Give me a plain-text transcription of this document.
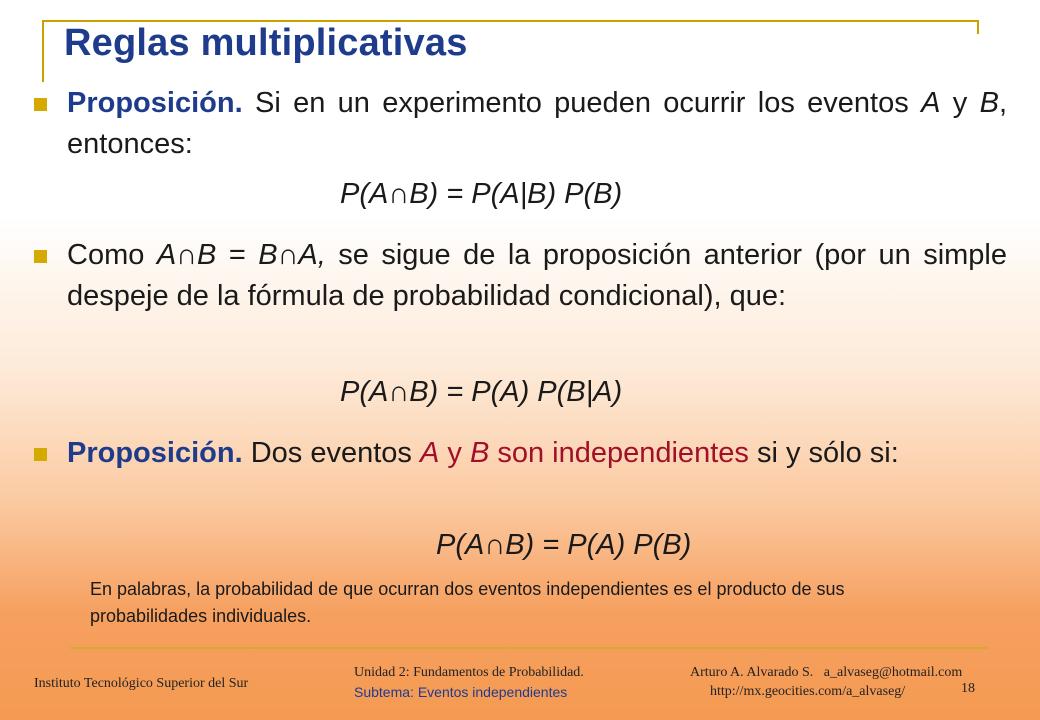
Reglas multiplicativas
Proposición. Si en un experimento pueden ocurrir los eventos A y B, entonces:
P(A∩B) = P(A|B) P(B)
Como A∩B = B∩A, se sigue de la proposición anterior (por un simple despeje de la fórmula de probabilidad condicional), que:
P(A∩B) = P(A) P(B|A)
Proposición. Dos eventos A y B son independientes si y sólo si:
P(A∩B) = P(A) P(B)
En palabras, la probabilidad de que ocurran dos eventos independientes es el producto de sus probabilidades individuales.
Instituto Tecnológico Superior del Sur
Unidad 2: Fundamentos de Probabilidad.
Subtema: Eventos independientes
Arturo A. Alvarado S. a_alvaseg@hotmail.com
http://mx.geocities.com/a_alvaseg/	18
